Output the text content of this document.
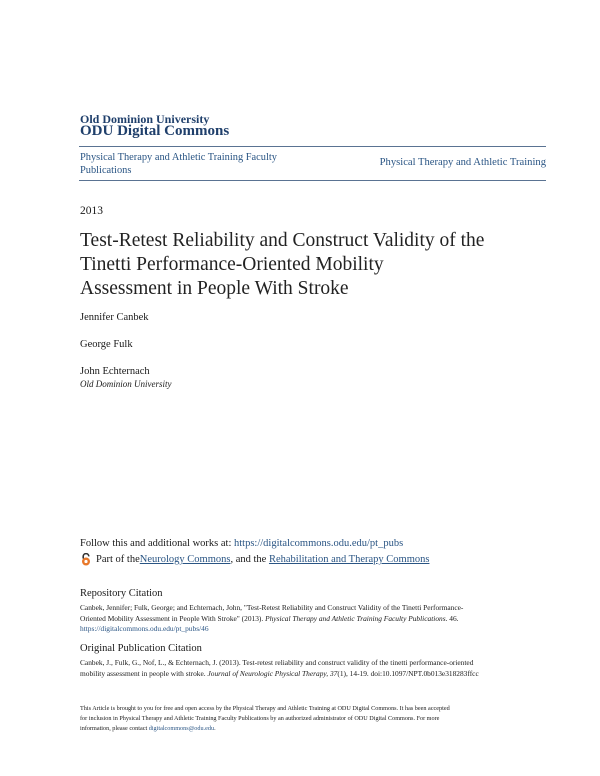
Old Dominion University
ODU Digital Commons
Physical Therapy and Athletic Training Faculty
Publications
Physical Therapy and Athletic Training
2013
Test-Retest Reliability and Construct Validity of the
Tinetti Performance-Oriented Mobility
Assessment in People With Stroke
Jennifer Canbek
George Fulk
John Echternach
Old Dominion University
Follow this and additional works at: https://digitalcommons.odu.edu/pt_pubs
Part of the Neurology Commons , and the Rehabilitation and Therapy Commons
Repository Citation
Canbek, Jennifer; Fulk, George; and Echternach, John, "Test-Retest Reliability and Construct Validity of the Tinetti Performance-
Oriented Mobility Assessment in People With Stroke" (2013). Physical Therapy and Athletic Training Faculty Publications. 46.
https://digitalcommons.odu.edu/pt_pubs/46
Original Publication Citation
Canbek, J., Fulk, G., Nof, L., & Echternach, J. (2013). Test-retest reliability and construct validity of the tinetti performance-oriented
mobility assessment in people with stroke. Journal of Neurologic Physical Therapy, 37(1), 14-19. doi:10.1097/NPT.0b013e318283ffcc
This Article is brought to you for free and open access by the Physical Therapy and Athletic Training at ODU Digital Commons. It has been accepted
for inclusion in Physical Therapy and Athletic Training Faculty Publications by an authorized administrator of ODU Digital Commons. For more
information, please contact digitalcommons@odu.edu.
